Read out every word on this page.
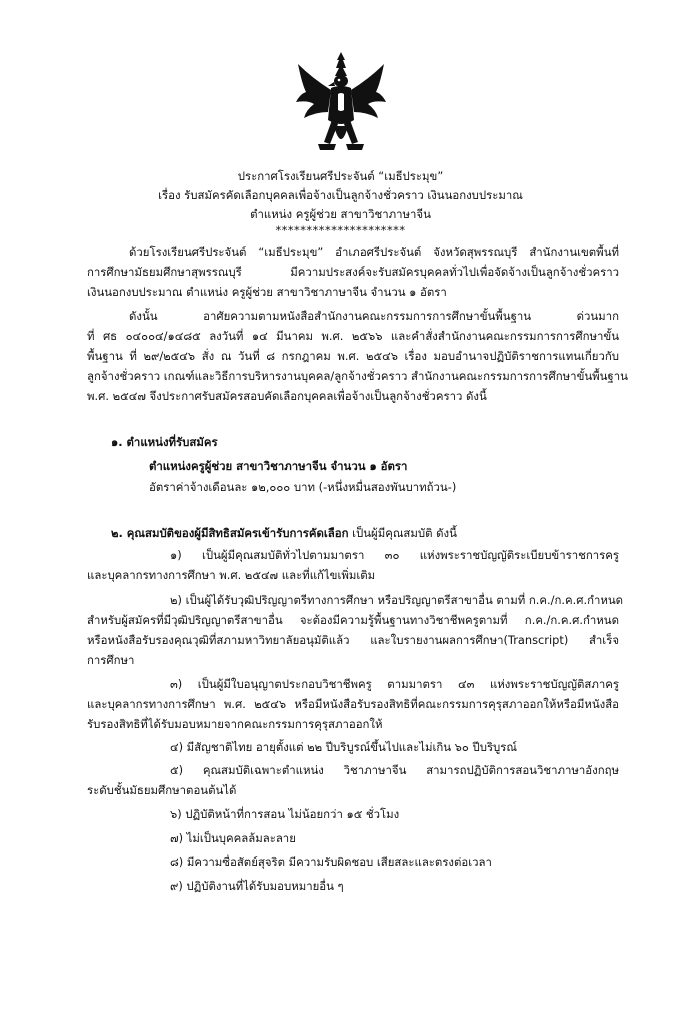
ประกาศโรงเรียนศรีประจันต์ “เมธีประมุข”
เรื่อง รับสมัครคัดเลือกบุคคลเพื่อจ้างเป็นลูกจ้างชั่วคราว เงินนอกงบประมาณ
ตำแหน่ง ครูผู้ช่วย สาขาวิชาภาษาจีน
*********************
ด้วยโรงเรียนศรีประจันต์ “เมธีประมุข” อำเภอศรีประจันต์ จังหวัดสุพรรณบุรี สำนักงานเขตพื้นที่
การศึกษามัธยมศึกษาสุพรรณบุรี มีความประสงค์จะรับสมัครบุคคลทั่วไปเพื่อจัดจ้างเป็นลูกจ้างชั่วคราว
เงินนอกงบประมาณ ตำแหน่ง ครูผู้ช่วย สาขาวิชาภาษาจีน จำนวน ๑ อัตรา
ดังนั้น อาศัยความตามหนังสือสำนักงานคณะกรรมการการศึกษาขั้นพื้นฐาน ด่วนมาก
ที่ ศธ ๐๔๐๐๔/๑๔๘๕ ลงวันที่ ๑๔ มีนาคม พ.ศ. ๒๕๖๖ และคำสั่งสำนักงานคณะกรรมการการศึกษาขั้น
พื้นฐาน ที่ ๒๙/๒๕๔๖ สั่ง ณ วันที่ ๘ กรกฎาคม พ.ศ. ๒๕๔๖ เรื่อง มอบอำนาจปฏิบัติราชการแทนเกี่ยวกับ
ลูกจ้างชั่วคราว เกณฑ์และวิธีการบริหารงานบุคคล/ลูกจ้างชั่วคราว สำนักงานคณะกรรมการการศึกษาขั้นพื้นฐาน
พ.ศ. ๒๕๔๗ จึงประกาศรับสมัครสอบคัดเลือกบุคคลเพื่อจ้างเป็นลูกจ้างชั่วคราว ดังนี้
๑. ตำแหน่งที่รับสมัคร
ตำแหน่งครูผู้ช่วย สาขาวิชาภาษาจีน จำนวน ๑ อัตรา
อัตราค่าจ้างเดือนละ ๑๒,๐๐๐ บาท (-หนึ่งหมื่นสองพันบาทถ้วน-)
๒. คุณสมบัติของผู้มีสิทธิสมัครเข้ารับการคัดเลือก เป็นผู้มีคุณสมบัติ ดังนี้
๑) เป็นผู้มีคุณสมบัติทั่วไปตามมาตรา ๓๐ แห่งพระราชบัญญัติระเบียบข้าราชการครู
และบุคลากรทางการศึกษา พ.ศ. ๒๕๔๗ และที่แก้ไขเพิ่มเติม
๒) เป็นผู้ได้รับวุฒิปริญญาตรีทางการศึกษา หรือปริญญาตรีสาขาอื่น ตามที่ ก.ค./ก.ค.ศ.กำหนด
สำหรับผู้สมัครที่มีวุฒิปริญญาตรีสาขาอื่น จะต้องมีความรู้พื้นฐานทางวิชาชีพครูตามที่ ก.ค./ก.ค.ศ.กำหนด
หรือหนังสือรับรองคุณวุฒิที่สภามหาวิทยาลัยอนุมัติแล้ว และใบรายงานผลการศึกษา(Transcript) สำเร็จ
การศึกษา
๓) เป็นผู้มีใบอนุญาตประกอบวิชาชีพครู ตามมาตรา ๔๓ แห่งพระราชบัญญัติสภาครู
และบุคลากรทางการศึกษา พ.ศ. ๒๕๔๖ หรือมีหนังสือรับรองสิทธิที่คณะกรรมการคุรุสภาออกให้หรือมีหนังสือ
รับรองสิทธิที่ได้รับมอบหมายจากคณะกรรมการคุรุสภาออกให้
๔) มีสัญชาติไทย อายุตั้งแต่ ๒๒ ปีบริบูรณ์ขึ้นไปและไม่เกิน ๖๐ ปีบริบูรณ์
๕) คุณสมบัติเฉพาะตำแหน่ง วิชาภาษาจีน สามารถปฏิบัติการสอนวิชาภาษาอังกฤษ
ระดับชั้นมัธยมศึกษาตอนต้นได้
๖) ปฏิบัติหน้าที่การสอน ไม่น้อยกว่า ๑๕ ชั่วโมง
๗) ไม่เป็นบุคคลล้มละลาย
๘) มีความซื่อสัตย์สุจริต มีความรับผิดชอบ เสียสละและตรงต่อเวลา
๙) ปฏิบัติงานที่ได้รับมอบหมายอื่น ๆ
